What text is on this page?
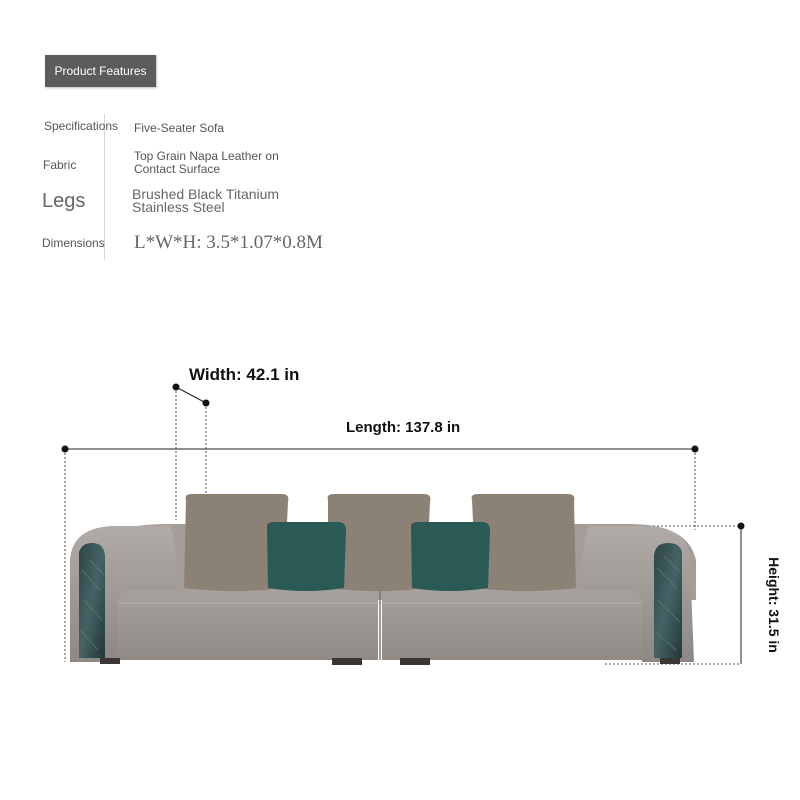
Product Features
Specifications Five-Seater Sofa
Fabric
Top Grain Napa Leather on Contact Surface
Legs	Brushed Black Titanium Stainless Steel
Dimensions L*W*H: 3.5*1.07*0.8M
Width: 42.1 in
Length: 137.8 in
Height: 31.5 in
